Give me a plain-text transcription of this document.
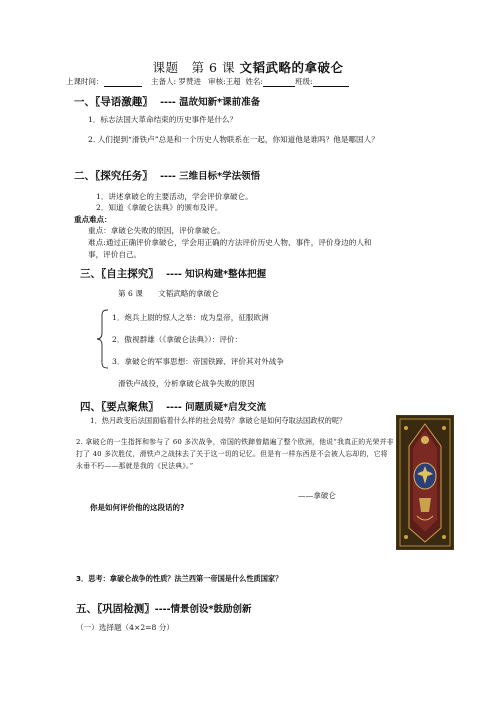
课题　第 6 课 文韬武略的拿破仑
上课时间：	主备人: 罗赞进 审核:王超 姓名:	班级:
一、〖导语激趣〗 ---- 温故知新*课前准备
1．标志法国大革命结束的历史事件是什么？
2. 人们提到“滑铁卢”总是和一个历史人物联系在一起，你知道他是谁吗？他是哪国人？
二、〖探究任务〗 ---- 三维目标*学法领悟
1．讲述拿破仑的主要活动，学会评价拿破仑。
2．知道《拿破仑法典》的颁布及评。
重点难点：
重点：拿破仑失败的原因，评价拿破仑。
难点:通过正确评价拿破仑，学会用正确的方法评价历史人物、事件，评价身边的人和
事，评价自己。
三、〖自主探究〗 ---- 知识构建*整体把握
第 6 课　　文韬武略的拿破仑
1．炮兵上尉的惊人之举：成为皇帝，征服欧洲
2．傲视群雄（《拿破仑法典》）：评价：
3．拿破仑的军事思想：帝国铁蹄、评价其对外战争
滑铁卢战役，分析拿破仑战争失败的原因
四、〖要点聚焦〗 ---- 问题质疑*启发交流
1．热月政变后法国面临着什么样的社会局势？拿破仑是如何夺取法国政权的呢？
2. 拿破仑的一生指挥和参与了 60 多次战争，帝国的铁蹄曾踏遍了整个欧洲，他说“我真正的光荣并非打了 40 多次胜仗，滑铁卢之战抹去了关于这一切的记忆。但是有一样东西是不会被人忘却的，它将永垂不朽——那就是我的《民法典》。”
——拿破仑
你是如何评价他的这段话的?
3．思考：拿破仑战争的性质？法兰西第一帝国是什么性质国家？
五、〖巩固检测〗----情景创设*鼓励创新
（一）选择题（4×2=8 分）
